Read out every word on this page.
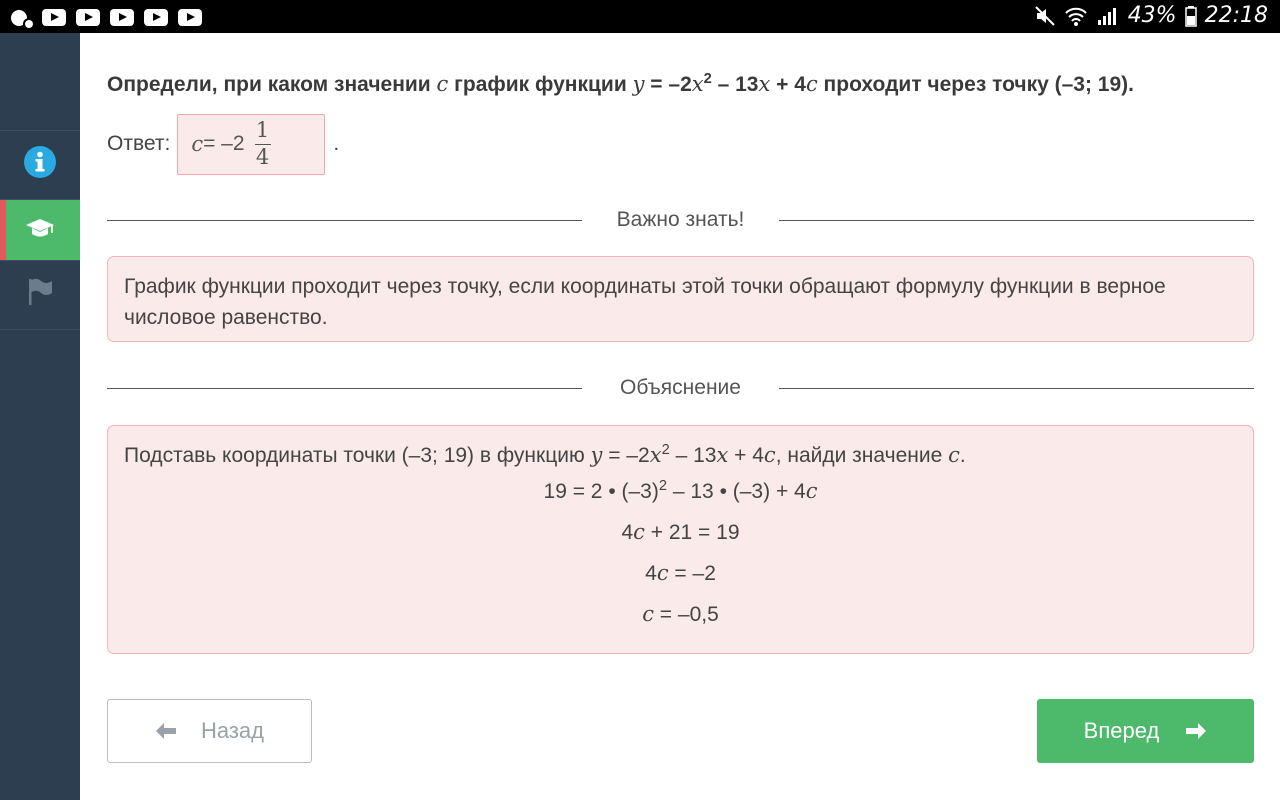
43% 22:18
Определи, при каком значении c график функции $y = -2x^2 - 13x + 4c$ проходит через точку (–3; 19).
Ответ: $c = -2 \frac{1}{4}$	.
Важно знать!
График функции проходит через точку, если координаты этой точки обращают формулу функции в верное числовое равенство.
Объяснение
Подставь координаты точки (–3; 19) в функцию $y = -2x^2 - 13x + 4c$, найди значение c.
19 = 2 • $(-3)^2 - 13$ • (–3) + 4c
4c + 21 = 19
4c = –2
c = –0,5
Назад	Вперед
